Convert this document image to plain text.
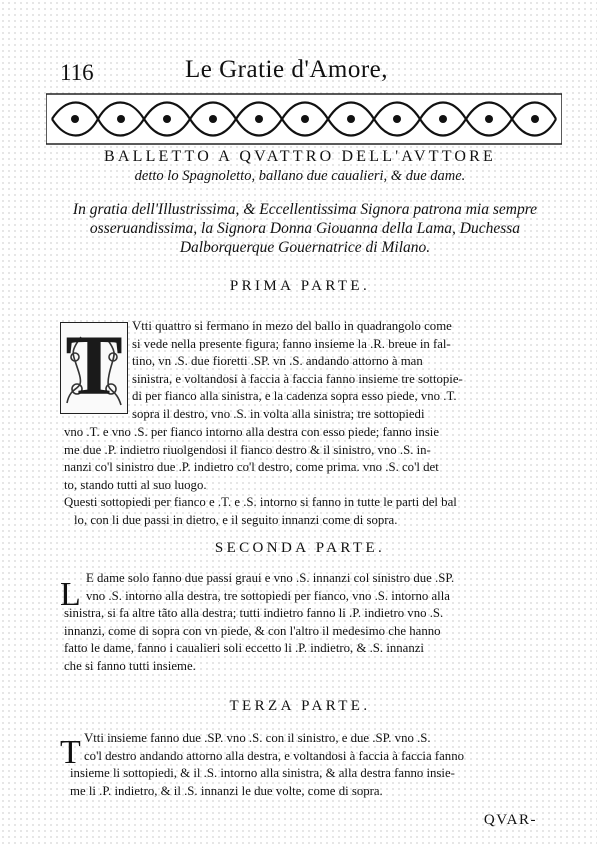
116	Le Gratie d'Amore,
BALLETTO A QVATTRO DELL'AVTTORE
detto lo Spagnoletto, ballano due caualieri, & due dame.
In gratia dell'Illustrissima, & Eccellentissima Signora patrona mia sempre
osseruandissima, la Signora Donna Giouanna della Lama, Duchessa
Dalborquerque Gouernatrice di Milano.
PRIMA PARTE.
T Vtti quattro si fermano in mezo del ballo in quadrangolo come
si vede nella presente figura; fanno insieme la .R. breue in fal-
tino, vn .S. due fioretti .SP. vn .S. andando attorno à man
sinistra, e voltandosi à faccia à faccia fanno insieme tre sottopie-
di per fianco alla sinistra, e la cadenza sopra esso piede, vno .T.
sopra il destro, vno .S. in volta alla sinistra; tre sottopiedi
vno .T. e vno .S. per fianco intorno alla destra con esso piede; fanno insie
me due .P. indietro riuolgendosi il fianco destro & il sinistro, vno .S. in-
nanzi co'l sinistro due .P. indietro co'l destro, come prima. vno .S. co'l det
to, stando tutti al suo luogo.
Questi sottopiedi per fianco e .T. e .S. intorno si fanno in tutte le parti del bal
lo, con li due passi in dietro, e il seguito innanzi come di sopra.
SECONDA PARTE.
L E dame solo fanno due passi graui e vno .S. innanzi col sinistro due .SP.
vno .S. intorno alla destra, tre sottopiedi per fianco, vno .S. intorno alla
sinistra, si fa altre tãto alla destra; tutti indietro fanno li .P. indietro vno .S.
innanzi, come di sopra con vn piede, & con l'altro il medesimo che hanno
fatto le dame, fanno i caualieri soli eccetto li .P. indietro, & .S. innanzi
che si fanno tutti insieme.
TERZA PARTE.
T Vtti insieme fanno due .SP. vno .S. con il sinistro, e due .SP. vno .S.
co'l destro andando attorno alla destra, e voltandosi à faccia à faccia fanno
insieme li sottopiedi, & il .S. intorno alla sinistra, & alla destra fanno insie-
me li .P. indietro, & il .S. innanzi le due volte, come di sopra.
QVAR-
